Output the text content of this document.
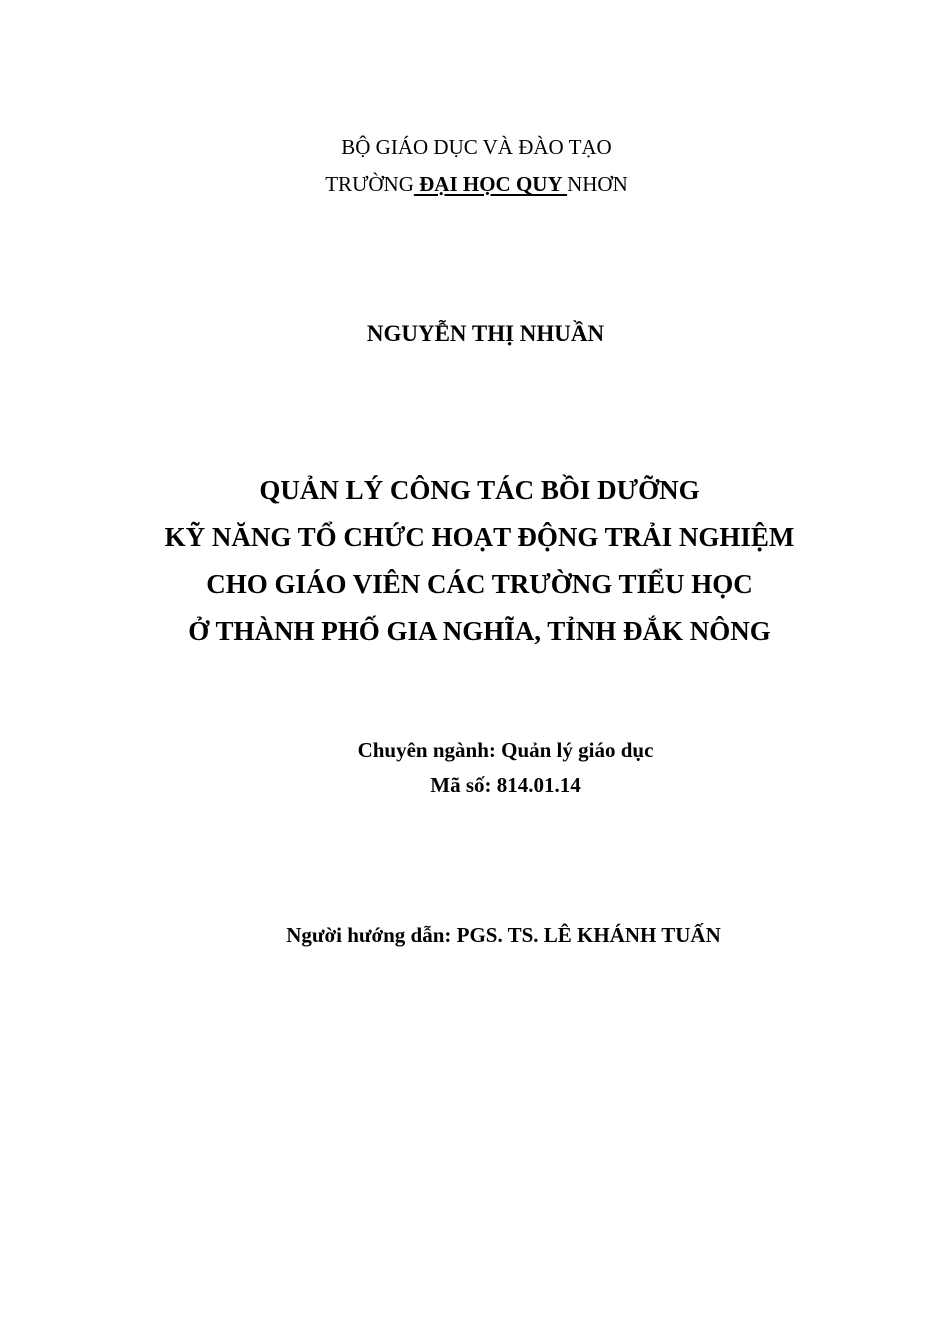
BỘ GIÁO DỤC VÀ ĐÀO TẠO
TRƯỜNG ĐẠI HỌC QUY NHƠN
NGUYỄN THỊ NHUẦN
QUẢN LÝ CÔNG TÁC BỒI DƯỠNG
KỸ NĂNG TỔ CHỨC HOẠT ĐỘNG TRẢI NGHIỆM
CHO GIÁO VIÊN CÁC TRƯỜNG TIỂU HỌC
Ở THÀNH PHỐ GIA NGHĨA, TỈNH ĐẮK NÔNG
Chuyên ngành: Quản lý giáo dục
Mã số: 814.01.14
Người hướng dẫn: PGS. TS. LÊ KHÁNH TUẤN
